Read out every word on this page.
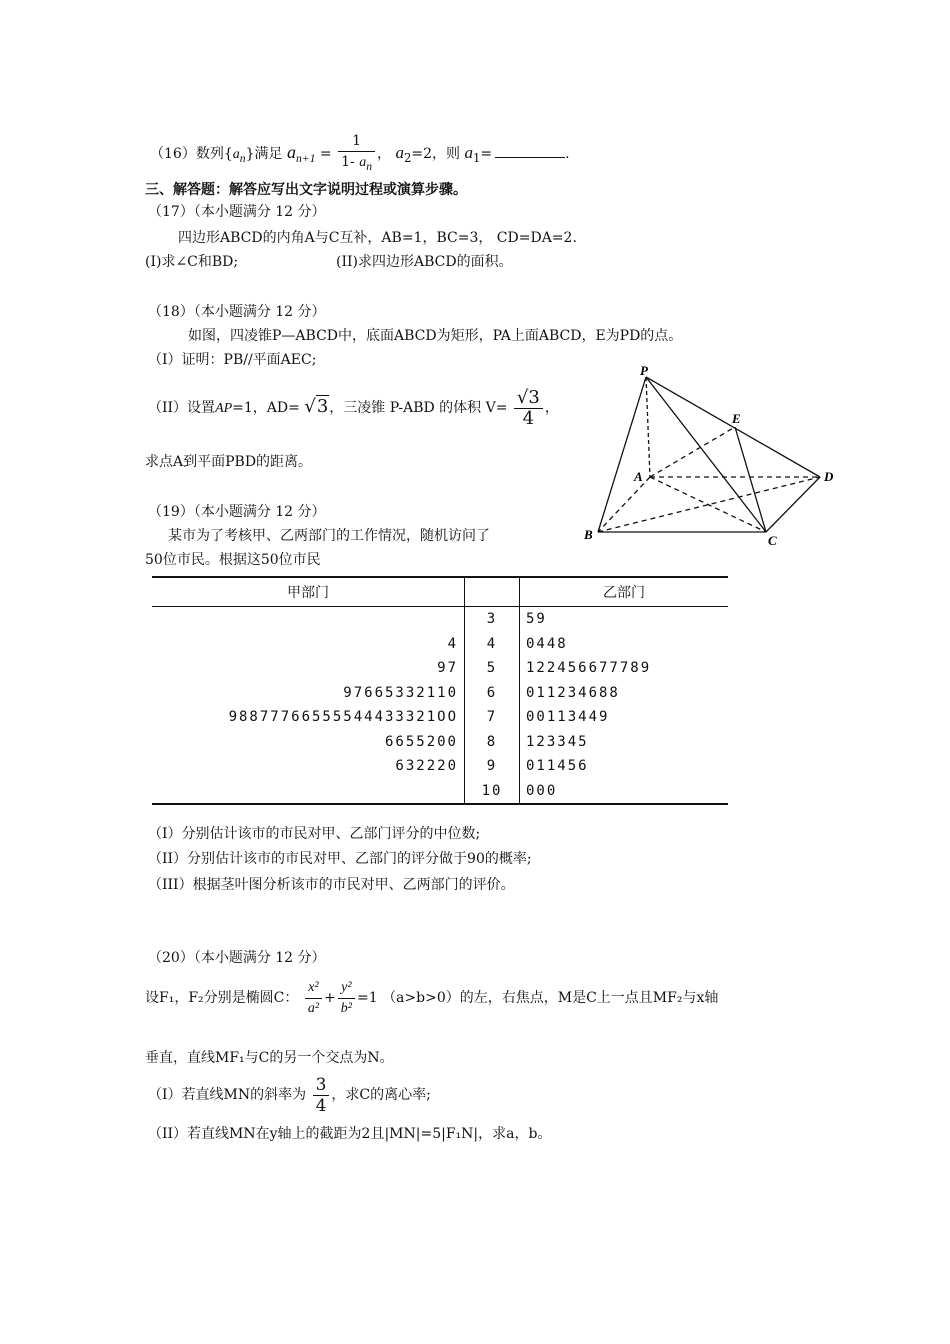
（16）数列$\{a_n\}$满足 $a_{n+1} = \frac{1}{1- a_n}$ ， $a_2=2$，则 $a_1=$	.
三、解答题：解答应写出文字说明过程或演算步骤。
（17）（本小题满分 12 分）
四边形ABCD的内角A与C互补，AB=1，BC=3， CD=DA=2.
(I)求∠C和BD;	(II)求四边形ABCD的面积。
（18）（本小题满分 12 分）
如图，四凌锥P—ABCD中，底面ABCD为矩形，PA上面ABCD，E为PD的点。
（I）证明：PB//平面AEC;
（II）设置AP=1，AD= √3，三凌锥 P-ABD 的体积 $V= \frac{√3}{4}$ ，
求点A到平面PBD的距离。
P
E
A	D
B	C
（19）（本小题满分 12 分）
某市为了考核甲、乙两部门的工作情况，随机访问了
50位市民。根据这50位市民
甲部门		乙部门
	3	59
4	4	0448
97	5	122456677789
97665332110	6	011234688
98877766555544433321OO	7	00113449
6655200	8	123345
632220	9	011456
	10	000
（I）分别估计该市的市民对甲、乙部门评分的中位数;
（II）分别估计该市的市民对甲、乙部门的评分做于90的概率;
（III）根据茎叶图分析该市的市民对甲、乙两部门的评价。
（20）（本小题满分 12 分）
设F₁，F₂分别是椭圆C： $\frac{\text{x²}}{\text{a²}} + \frac{\text{y²}}{\text{b²}} =1$ （a>b>0）的左，右焦点，M是C上一点且MF₂与x轴
垂直，直线MF₁与C的另一个交点为N。
（I）若直线MN的斜率为 $\frac{3}{4}$ ，求C的离心率;
（II）若直线MN在y轴上的截距为2且|MN|=5|F₁N|，求a，b。
